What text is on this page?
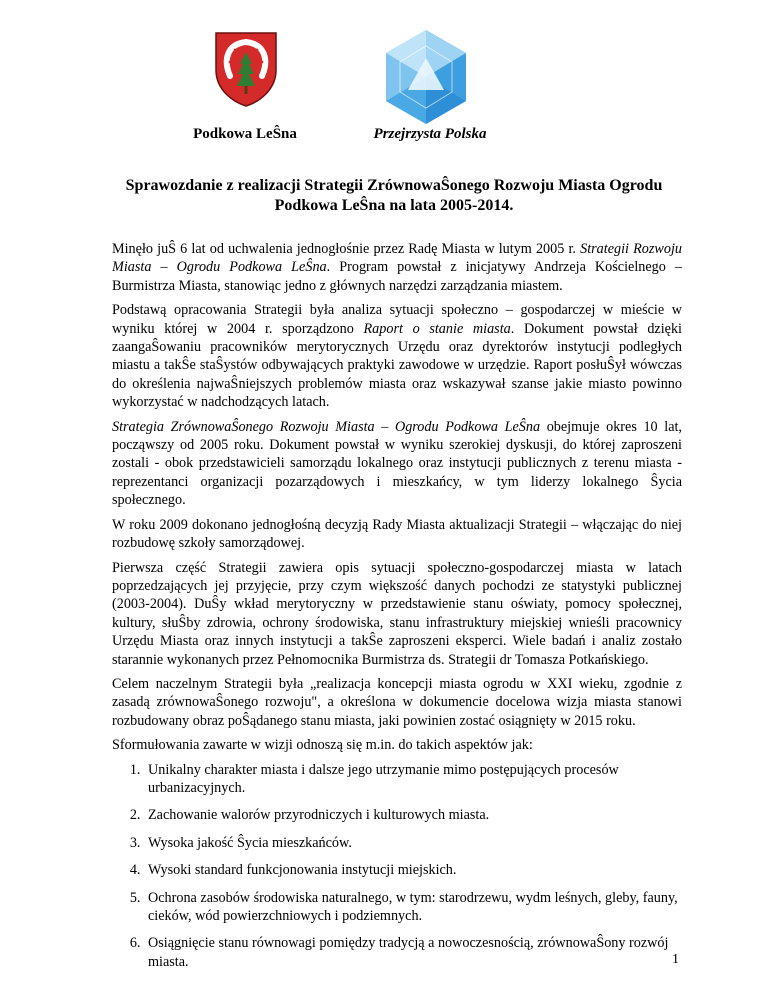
Podkowa LeŜna	Przejrzysta Polska
Sprawozdanie z realizacji Strategii ZrównowaŜonego Rozwoju Miasta Ogrodu Podkowa LeŜna na lata 2005-2014.

Minęło juŜ 6 lat od uchwalenia jednogłośnie przez Radę Miasta w lutym 2005 r. Strategii Rozwoju Miasta – Ogrodu Podkowa LeŜna. Program powstał z inicjatywy Andrzeja Kościelnego – Burmistrza Miasta, stanowiąc jedno z głównych narzędzi zarządzania miastem.

Podstawą opracowania Strategii była analiza sytuacji społeczno – gospodarczej w mieście w wyniku której w 2004 r. sporządzono Raport o stanie miasta. Dokument powstał dzięki zaangaŜowaniu pracowników merytorycznych Urzędu oraz dyrektorów instytucji podległych miastu a takŜe staŜystów odbywających praktyki zawodowe w urzędzie. Raport posłuŜył wówczas do określenia najwaŜniejszych problemów miasta oraz wskazywał szanse jakie miasto powinno wykorzystać w nadchodzących latach.

Strategia ZrównowaŜonego Rozwoju Miasta – Ogrodu Podkowa LeŜna obejmuje okres 10 lat, począwszy od 2005 roku. Dokument powstał w wyniku szerokiej dyskusji, do której zaproszeni zostali - obok przedstawicieli samorządu lokalnego oraz instytucji publicznych z terenu miasta - reprezentanci organizacji pozarządowych i mieszkańcy, w tym liderzy lokalnego Ŝycia społecznego.

W roku 2009 dokonano jednogłośną decyzją Rady Miasta aktualizacji Strategii – włączając do niej rozbudowę szkoły samorządowej.

Pierwsza część Strategii zawiera opis sytuacji społeczno-gospodarczej miasta w latach poprzedzających jej przyjęcie, przy czym większość danych pochodzi ze statystyki publicznej (2003-2004). DuŜy wkład merytoryczny w przedstawienie stanu oświaty, pomocy społecznej, kultury, słuŜby zdrowia, ochrony środowiska, stanu infrastruktury miejskiej wnieśli pracownicy Urzędu Miasta oraz innych instytucji a takŜe zaproszeni eksperci. Wiele badań i analiz zostało starannie wykonanych przez Pełnomocnika Burmistrza ds. Strategii dr Tomasza Potkańskiego.

Celem naczelnym Strategii była „realizacja koncepcji miasta ogrodu w XXI wieku, zgodnie z zasadą zrównowaŜonego rozwoju", a określona w dokumencie docelowa wizja miasta stanowi rozbudowany obraz poŜądanego stanu miasta, jaki powinien zostać osiągnięty w 2015 roku.

Sformułowania zawarte w wizji odnoszą się m.in. do takich aspektów jak:

1. Unikalny charakter miasta i dalsze jego utrzymanie mimo postępujących procesów urbanizacyjnych.
2. Zachowanie walorów przyrodniczych i kulturowych miasta.
3. Wysoka jakość Ŝycia mieszkańców.
4. Wysoki standard funkcjonowania instytucji miejskich.
5. Ochrona zasobów środowiska naturalnego, w tym: starodrzewu, wydm leśnych, gleby, fauny, cieków, wód powierzchniowych i podziemnych.
6. Osiągnięcie stanu równowagi pomiędzy tradycją a nowoczesnością, zrównowaŜony rozwój miasta.	1
